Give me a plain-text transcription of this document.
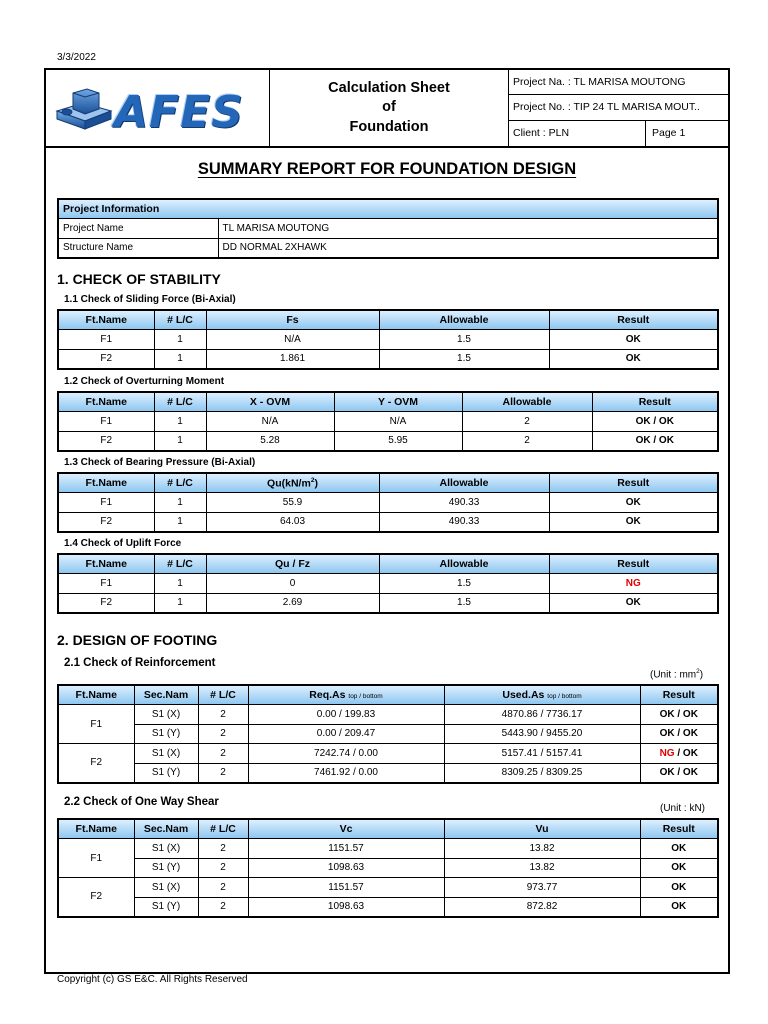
3/3/2022
AFES	Calculation Sheet
of
Foundation
Project Na. : TL MARISA MOUTONG
Project No. : TIP 24 TL MARISA MOUT..
Client : PLN	Page 1
SUMMARY REPORT FOR FOUNDATION DESIGN
Project Information	
Project Name	TL MARISA MOUTONG
Structure Name	DD NORMAL 2XHAWK
1. CHECK OF STABILITY
1.1 Check of Sliding Force (Bi-Axial)
Ft.Name	# L/C	Fs	Allowable	Result
F1	1	N/A	1.5	OK
F2	1	1.861	1.5	OK
1.2 Check of Overturning Moment
Ft.Name	# L/C	X - OVM	Y - OVM	Allowable	Result
F1	1	N/A	N/A	2	OK / OK
F2	1	5.28	5.95	2	OK / OK
1.3 Check of Bearing Pressure (Bi-Axial)
Ft.Name	# L/C	$Qu(kN/m^2)$	Allowable	Result
F1	1	55.9	490.33	OK
F2	1	64.03	490.33	OK
1.4 Check of Uplift Force
Ft.Name	# L/C	Qu / Fz	Allowable	Result
F1	1	0	1.5	NG
F2	1	2.69	1.5	OK
2. DESIGN OF FOOTING
2.1 Check of Reinforcement
(Unit : $mm^2$)
Ft.Name	Sec.Nam	# L/C	Req.As top / bottom	Used.As top / bottom	Result
F1	S1 (X)	2	0.00 / 199.83	4870.86 / 7736.17	OK / OK
	S1 (Y)	2	0.00 / 209.47	5443.90 / 9455.20	OK / OK
F2	S1 (X)	2	7242.74 / 0.00	5157.41 / 5157.41	NG / OK
	S1 (Y)	2	7461.92 / 0.00	8309.25 / 8309.25	OK / OK
2.2 Check of One Way Shear
(Unit : kN)
Ft.Name	Sec.Nam	# L/C	Vc	Vu	Result
F1	S1 (X)	2	1151.57	13.82	OK
	S1 (Y)	2	1098.63	13.82	OK
F2	S1 (X)	2	1151.57	973.77	OK
	S1 (Y)	2	1098.63	872.82	OK
Copyright (c) GS E&C. All Rights Reserved
